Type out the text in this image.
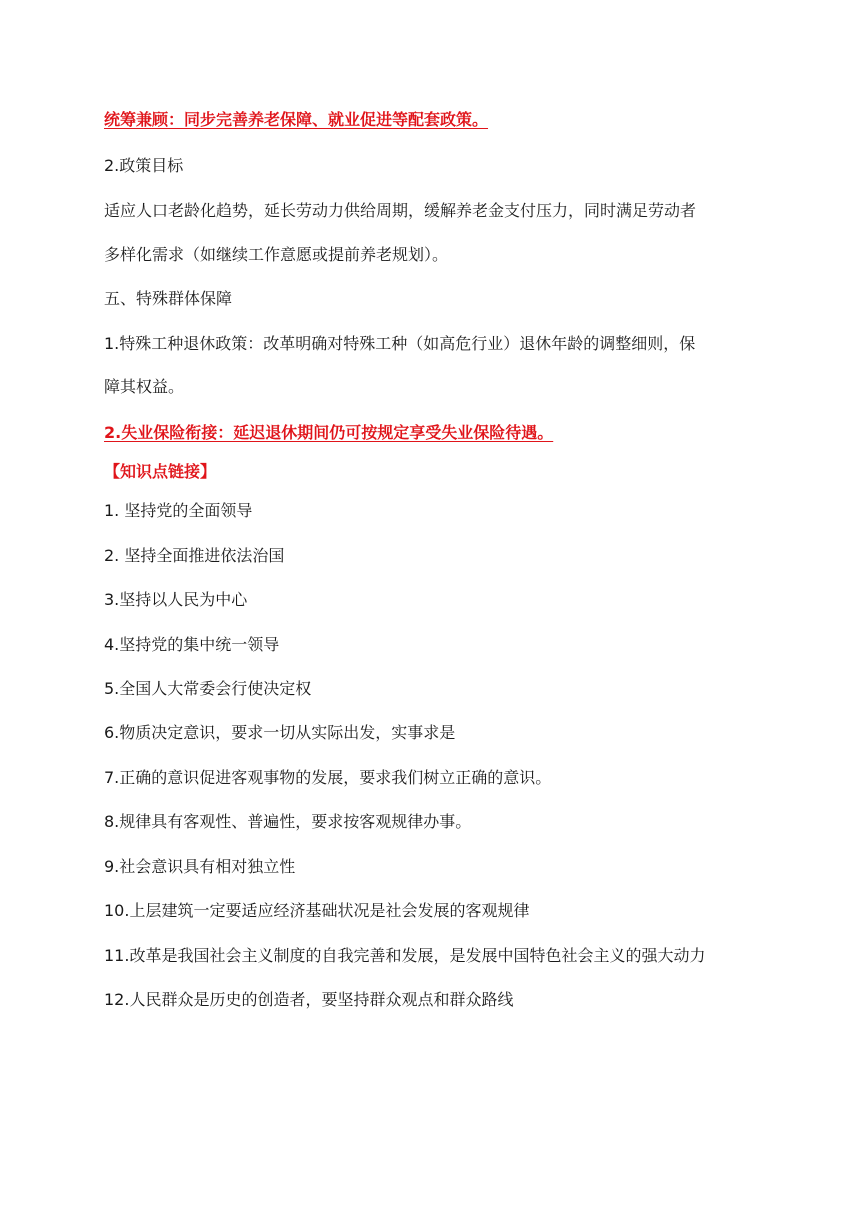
统筹兼顾：同步完善养老保障、就业促进等配套政策。

2.政策目标

适应人口老龄化趋势，延长劳动力供给周期，缓解养老金支付压力，同时满足劳动者

多样化需求（如继续工作意愿或提前养老规划）。

五、特殊群体保障

1.特殊工种退休政策：改革明确对特殊工种（如高危行业）退休年龄的调整细则，保

障其权益。

2.失业保险衔接：延迟退休期间仍可按规定享受失业保险待遇。

【知识点链接】

1. 坚持党的全面领导

2. 坚持全面推进依法治国

3.坚持以人民为中心

4.坚持党的集中统一领导

5.全国人大常委会行使决定权

6.物质决定意识，要求一切从实际出发，实事求是

7.正确的意识促进客观事物的发展，要求我们树立正确的意识。

8.规律具有客观性、普遍性，要求按客观规律办事。

9.社会意识具有相对独立性

10.上层建筑一定要适应经济基础状况是社会发展的客观规律

11.改革是我国社会主义制度的自我完善和发展，是发展中国特色社会主义的强大动力

12.人民群众是历史的创造者，要坚持群众观点和群众路线
